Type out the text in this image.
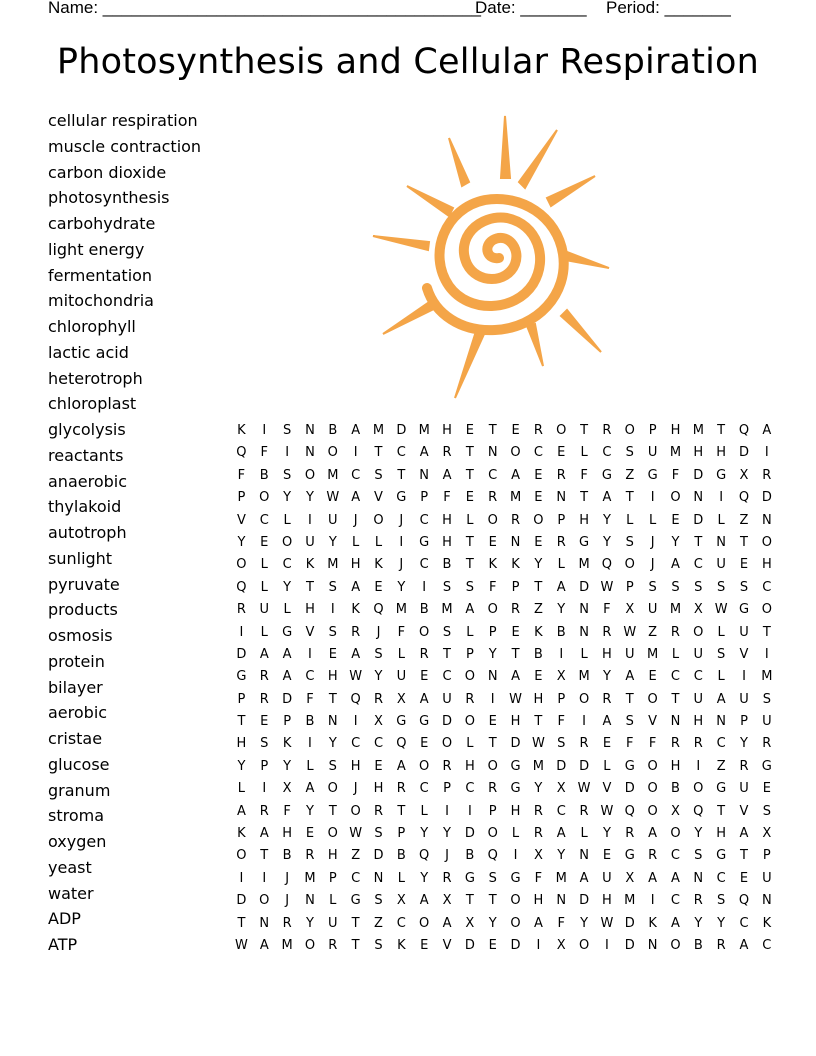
Name: ________________________________________
Date: _______ Period: _______
Photosynthesis and Cellular Respiration
cellular respiration
muscle contraction
carbon dioxide
photosynthesis
carbohydrate
light energy
fermentation
mitochondria
chlorophyll
lactic acid
heterotroph
chloroplast
glycolysis
reactants
anaerobic
thylakoid
autotroph
sunlight
pyruvate
products
osmosis
protein
bilayer
aerobic
cristae
glucose
granum
stroma
oxygen
yeast
water
ADP
ATP
K	I	S	N	B	A M D M H	E	T	E	R	O	T	R	O	P	H M	T	Q	A
Q	F	I	N O	I	T	C	A	R	T	N O	C	E	L	C	S	U M H	H D	I
F	B	S	O M C	S	T	N	A	T	C	A	E	R	F	G	Z	G	F	D G	X	R
P	O	Y	Y W A	V	G	P	F	E	R M	E	N	T	A	T	I	O N	I	Q D
V	C	L	I	U	J	O	J	C	H	L	O	R	O	P	H	Y	L	L	E	D	L	Z	N
Y	E	O U	Y	L	L	I	G H	T	E	N	E	R	G	Y	S	J	Y	T	N	T	O
O	L	C	K M H	K	J	C	B	T	K	K	Y	L	M Q O	J	A	C	U	E	H
Q	L	Y	T	S	A	E	Y	I	S	S	F	P	T	A	D W P	S	S	S	S	S	C
R	U	L	H	I	K	Q M B M A	O	R	Z	Y	N	F	X	U M X W G O
I	L	G	V	S	R	J	F	O	S	L	P	E	K	B	N	R W Z	R	O	L	U	T
D	A	A	I	E	A	S	L	R	T	P	Y	T	B	I	L	H	U M	L	U	S	V	I
G	R	A	C	H W Y	U	E	C	O N	A	E	X M	Y	A	E	C	C	L	I	M
P	R	D	F	T	Q	R	X	A	U	R	I	W H	P	O	R	T	O	T	U	A	U	S
T	E	P	B	N	I	X	G G D O	E	H	T	F	I	A	S	V	N	H	N	P	U
H	S	K	I	Y	C	C	Q	E	O	L	T	D W S	R	E	F	F	R	R	C	Y	R
Y	P	Y	L	S	H	E	A	O	R	H O G M D D	L	G O H	I	Z	R	G
L	I	X	A	O	J	H	R	C	P	C	R	G	Y	X W V	D O	B	O G	U	E
A	R	F	Y	T	O	R	T	L	I	I	P	H	R	C	R W Q O	X	Q	T	V	S
K	A	H	E	O W S	P	Y	Y	D O	L	R	A	L	Y	R	A	O	Y	H	A	X
O	T	B	R	H	Z	D	B	Q	J	B	Q	I	X	Y	N	E	G	R	C	S	G	T	P
I	I	J	M	P	C	N	L	Y	R	G	S	G	F	M A	U	X	A	A	N	C	E	U
D O	J	N	L	G	S	X	A	X	T	T	O H	N D H M	I	C	R	S	Q N
T	N	R	Y	U	T	Z	C	O	A	X	Y	O	A	F	Y W D	K	A	Y	Y	C	K
W A M O	R	T	S	K	E	V	D	E	D	I	X	O	I	D N O	B	R	A	C
